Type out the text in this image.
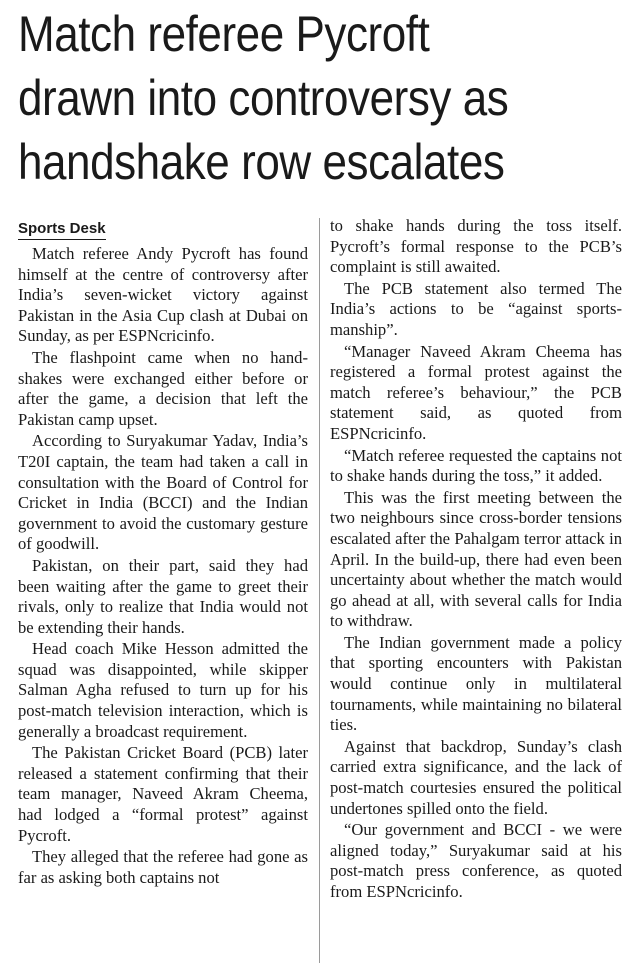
Match referee Pycroft
drawn into controversy as
handshake row escalates
Sports Desk

Match referee Andy Pycroft has found himself at the centre of controversy after India’s seven-wicket victory against Pakistan in the Asia Cup clash at Dubai on Sunday, as per ESPNcricinfo.

The flashpoint came when no handshakes were exchanged either before or after the game, a decision that left the Pakistan camp upset.

According to Suryakumar Yadav, India’s T20I captain, the team had taken a call in consultation with the Board of Control for Cricket in India (BCCI) and the Indian government to avoid the customary gesture of goodwill.

Pakistan, on their part, said they had been waiting after the game to greet their rivals, only to realize that India would not be extending their hands.

Head coach Mike Hesson admitted the squad was disappointed, while skipper Salman Agha refused to turn up for his post-match television interaction, which is generally a broadcast requirement.

The Pakistan Cricket Board (PCB) later released a statement confirming that their team manager, Naveed Akram Cheema, had lodged a “formal protest” against Pycroft.

They alleged that the referee had gone as far as asking both captains not

to shake hands during the toss itself. Pycroft’s formal response to the PCB’s complaint is still awaited.

The PCB statement also termed The India’s actions to be “against sportsmanship”.

“Manager Naveed Akram Cheema has registered a formal protest against the match referee’s behaviour,” the PCB statement said, as quoted from ESPNcricinfo.

“Match referee requested the captains not to shake hands during the toss,” it added.

This was the first meeting between the two neighbours since cross-border tensions escalated after the Pahalgam terror attack in April. In the build-up, there had even been uncertainty about whether the match would go ahead at all, with several calls for India to withdraw.

The Indian government made a policy that sporting encounters with Pakistan would continue only in multilateral tournaments, while maintaining no bilateral ties.

Against that backdrop, Sunday’s clash carried extra significance, and the lack of post-match courtesies ensured the political undertones spilled onto the field.

“Our government and BCCI - we were aligned today,” Suryakumar said at his post-match press conference, as quoted from ESPNcricinfo.
